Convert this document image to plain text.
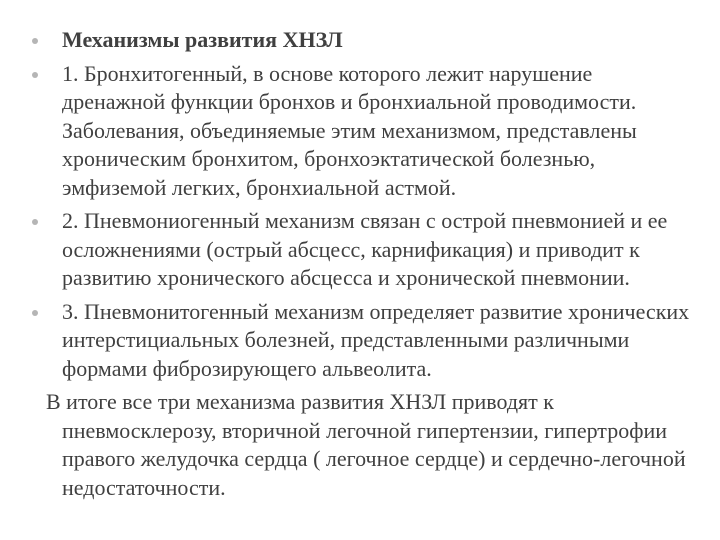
Механизмы развития ХНЗЛ
1. Бронхитогенный, в основе которого лежит нарушение дренажной функции бронхов и бронхиальной проводимости. Заболевания, объединяемые этим механизмом, представлены хроническим бронхитом, бронхоэктатической болезнью, эмфиземой легких, бронхиальной астмой.
2. Пневмониогенный механизм связан с острой пневмонией и ее осложнениями (острый абсцесс, карнификация) и приводит к развитию хронического абсцесса и хронической пневмонии.
3. Пневмонитогенный механизм определяет развитие хронических интерстициальных болезней, представленными различными формами фиброзирующего альвеолита.
В итоге все три механизма развития ХНЗЛ приводят к пневмосклерозу, вторичной легочной гипертензии, гипертрофии правого желудочка сердца ( легочное сердце) и сердечно-легочной недостаточности.
